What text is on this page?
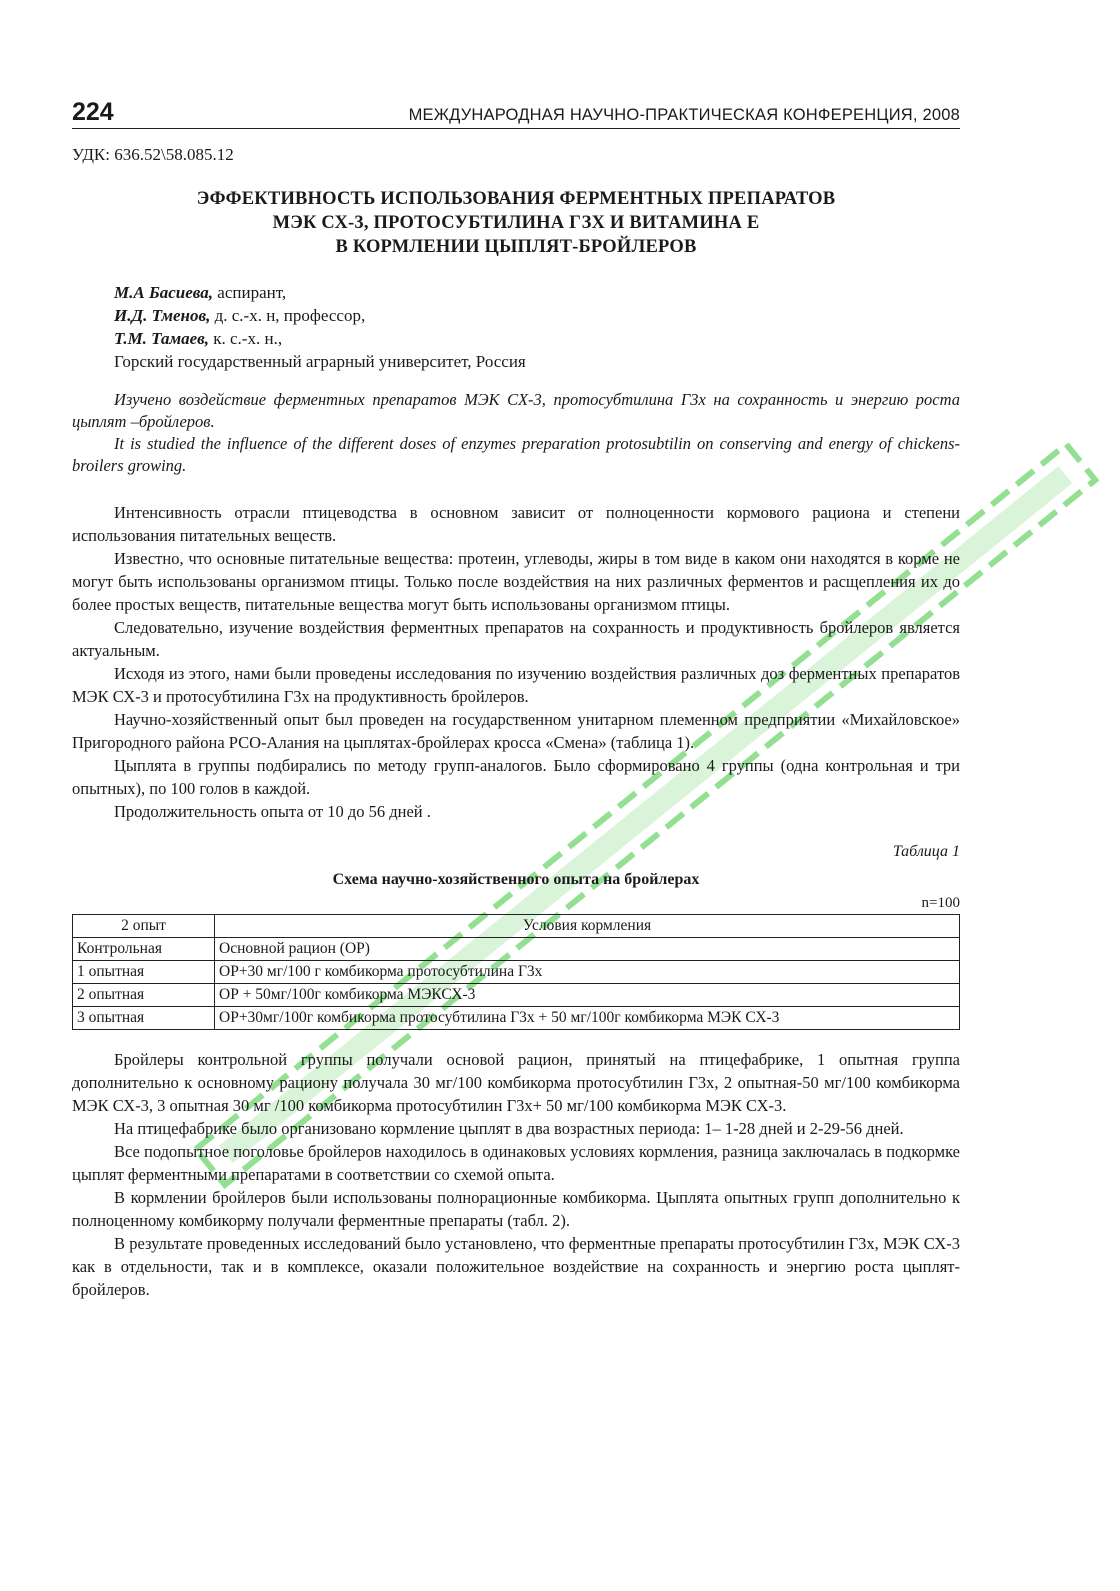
224	МЕЖДУНАРОДНАЯ НАУЧНО-ПРАКТИЧЕСКАЯ КОНФЕРЕНЦИЯ, 2008
УДК: 636.52\58.085.12
ЭФФЕКТИВНОСТЬ ИСПОЛЬЗОВАНИЯ ФЕРМЕНТНЫХ ПРЕПАРАТОВ
МЭК СХ-3, ПРОТОСУБТИЛИНА ГЗХ И ВИТАМИНА Е
В КОРМЛЕНИИ ЦЫПЛЯТ-БРОЙЛЕРОВ
М.А Басиева, аспирант,
И.Д. Тменов, д. с.-х. н, профессор,
Т.М. Тамаев, к. с.-х. н.,
Горский государственный аграрный университет, Россия

Изучено воздействие ферментных препаратов МЭК СХ-3, протосубтилина Г3х на сохранность и энергию роста цыплят –бройлеров.

It is studied the influence of the different doses of enzymes preparation protosubtilin on conserving and energy of chickens-broilers growing.

Интенсивность отрасли птицеводства в основном зависит от полноценности кормового рациона и степени использования питательных веществ.

Известно, что основные питательные вещества: протеин, углеводы, жиры в том виде в каком они находятся в корме не могут быть использованы организмом птицы. Только после воздействия на них различных ферментов и расщепления их до более простых веществ, питательные вещества могут быть использованы организмом птицы.

Следовательно, изучение воздействия ферментных препаратов на сохранность и продуктивность бройлеров является актуальным.

Исходя из этого, нами были проведены исследования по изучению воздействия различных доз ферментных препаратов МЭК СХ-3 и протосубтилина Г3х на продуктивность бройлеров.

Научно-хозяйственный опыт был проведен на государственном унитарном племенном предприятии «Михайловское» Пригородного района РСО-Алания на цыплятах-бройлерах кросса «Смена» (таблица 1).

Цыплята в группы подбирались по методу групп-аналогов. Было сформировано 4 группы (одна контрольная и три опытных), по 100 голов в каждой.

Продолжительность опыта от 10 до 56 дней .

Таблица 1
Схема научно-хозяйственного опыта на бройлерах
n=100
2 опыт	Условия кормления
Контрольная	Основной рацион (ОР)
1 опытная	ОР+30 мг/100 г комбикорма протосубтилина Г3х
2 опытная	ОР + 50мг/100г комбикорма МЭКСХ-3
3 опытная	ОР+30мг/100г комбикорма протосубтилина Г3х + 50 мг/100г комбикорма МЭК СХ-3

Бройлеры контрольной группы получали основой рацион, принятый на птицефабрике, 1 опытная группа дополнительно к основному рациону получала 30 мг/100 комбикорма протосубтилин Г3х, 2 опытная-50 мг/100 комбикорма МЭК СХ-3, 3 опытная 30 мг /100 комбикорма протосубтилин Г3х+ 50 мг/100 комбикорма МЭК СХ-3.

На птицефабрике было организовано кормление цыплят в два возрастных периода: 1– 1-28 дней и 2-29-56 дней.

Все подопытное поголовье бройлеров находилось в одинаковых условиях кормления, разница заключалась в подкормке цыплят ферментными препаратами в соответствии со схемой опыта.

В кормлении бройлеров были использованы полнорационные комбикорма. Цыплята опытных групп дополнительно к полноценному комбикорму получали ферментные препараты (табл. 2).

В результате проведенных исследований было установлено, что ферментные препараты протосубтилин Г3х, МЭК СХ-3 как в отдельности, так и в комплексе, оказали положительное воздействие на сохранность и энергию роста цыплят-бройлеров.
